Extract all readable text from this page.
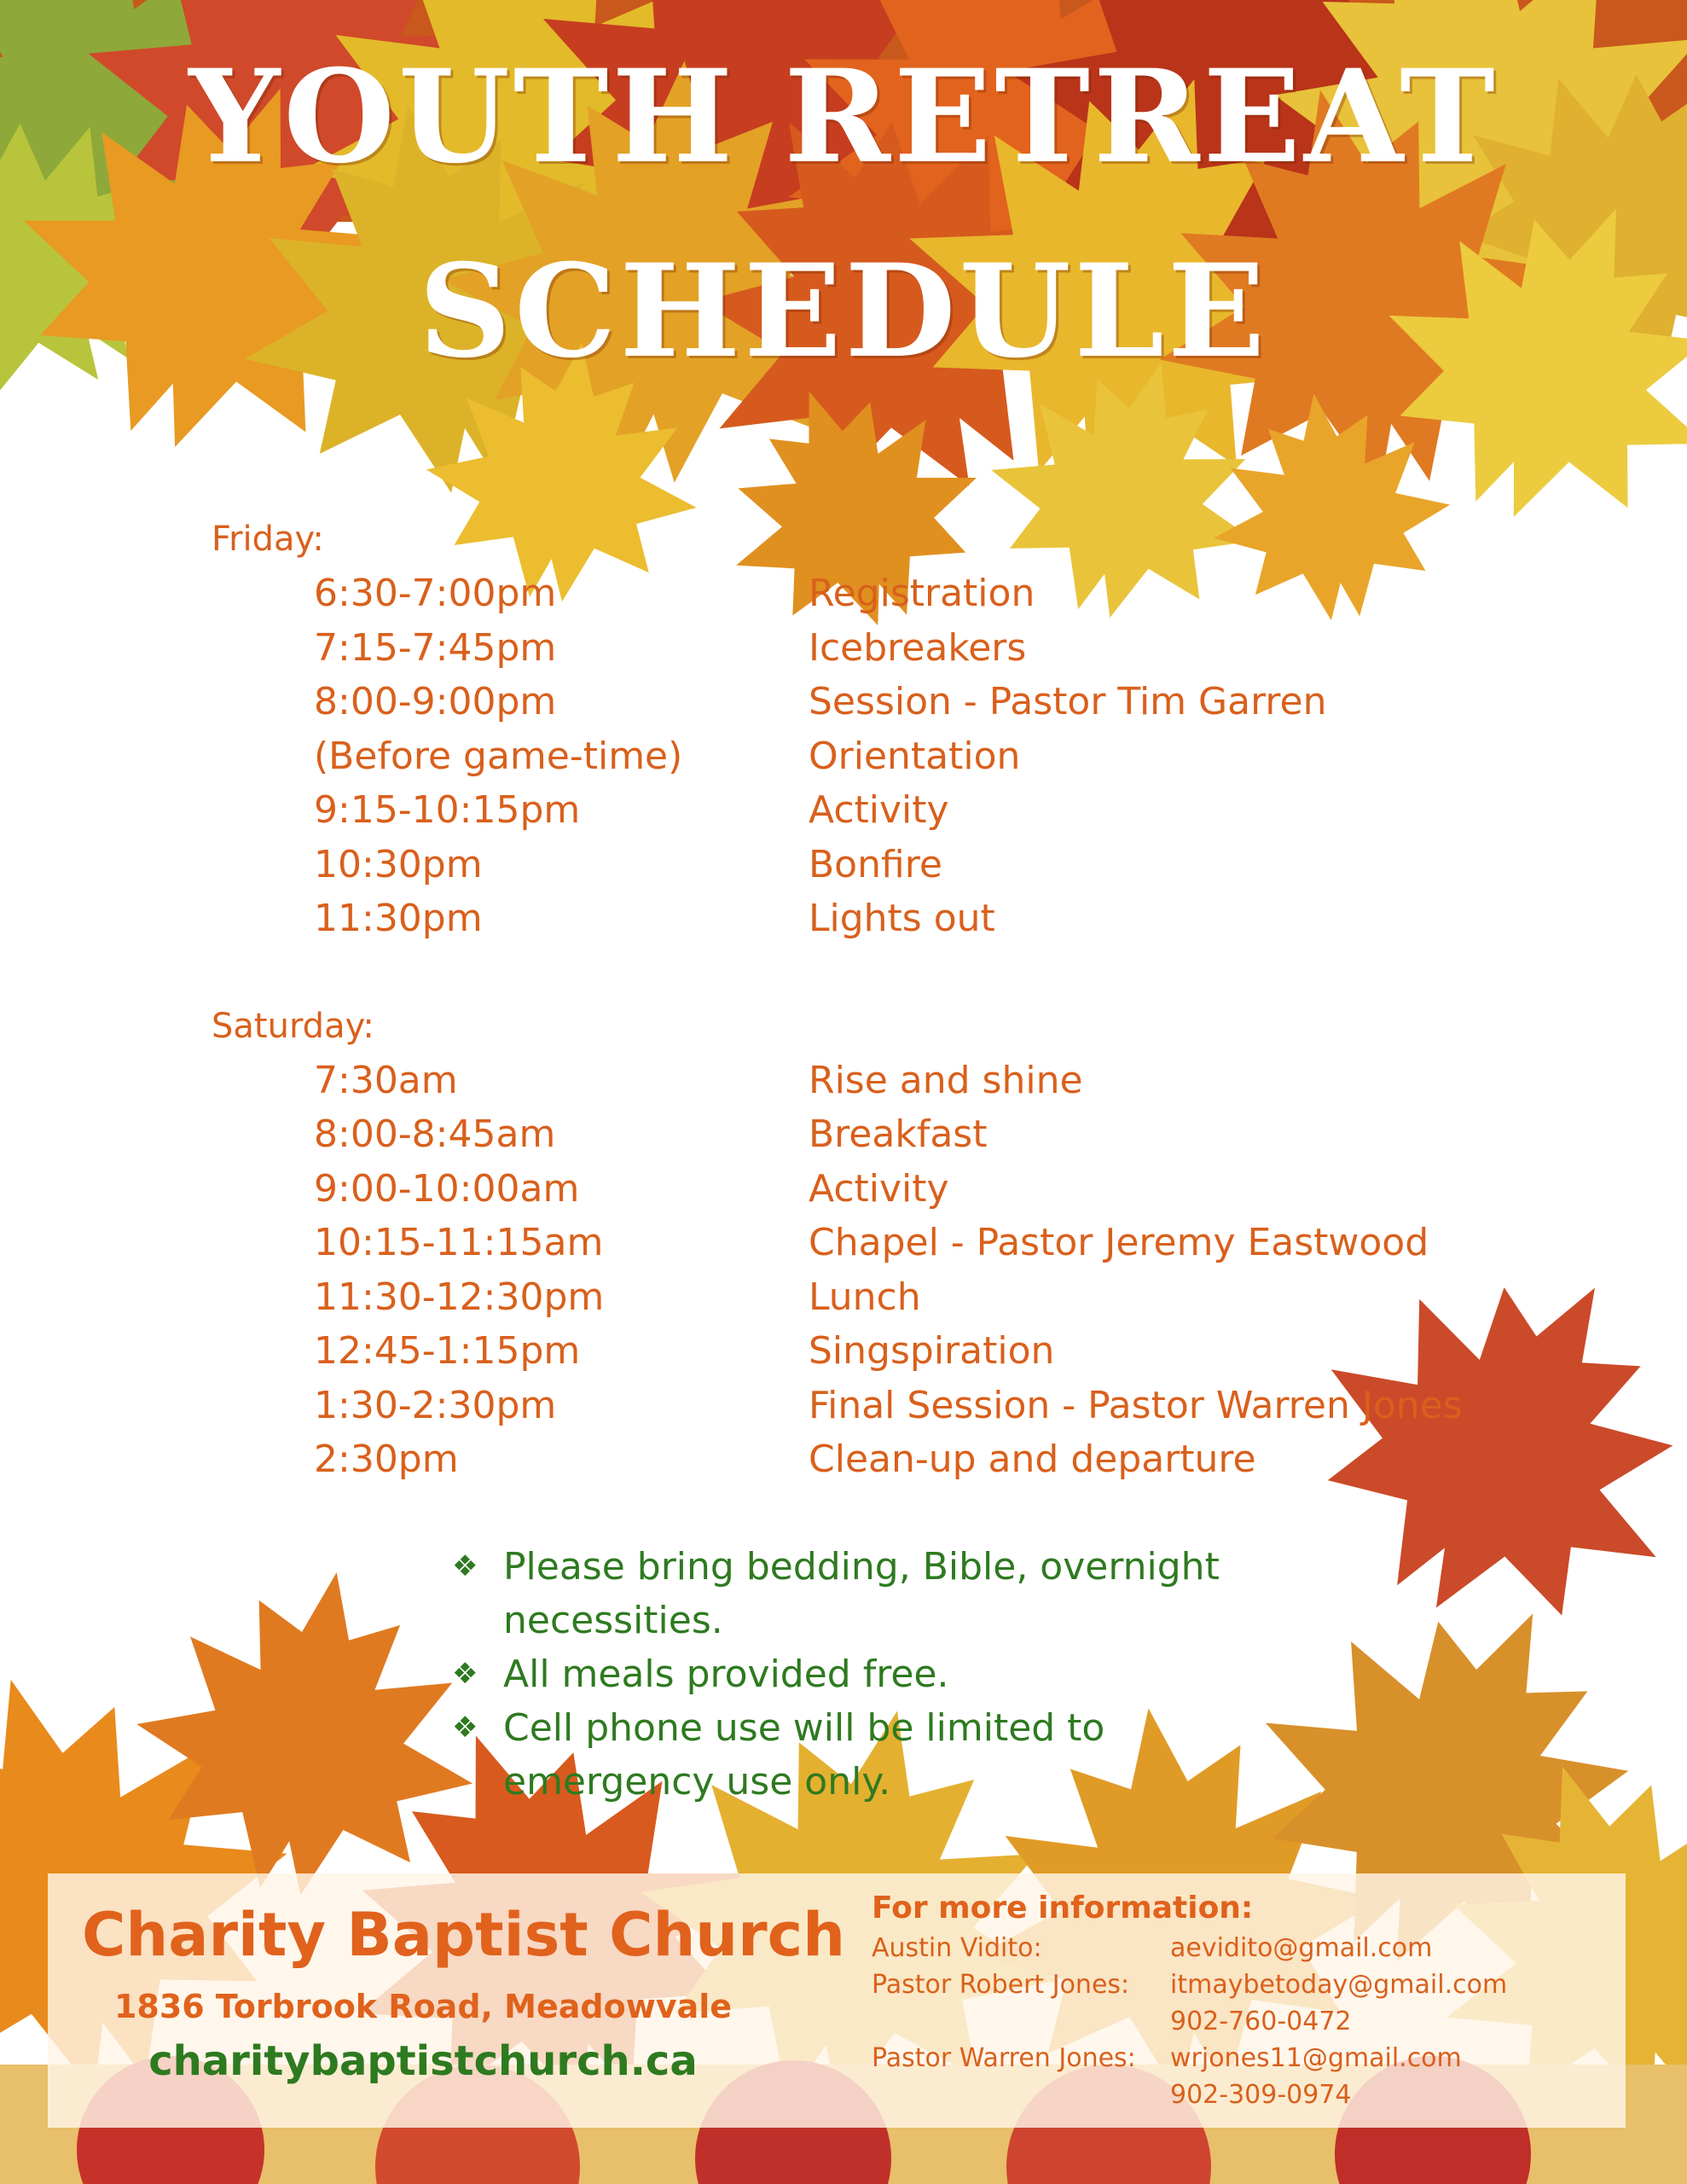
YOUTH RETREAT
SCHEDULE
Friday:
6:30-7:00pm	Registration
7:15-7:45pm	Icebreakers
8:00-9:00pm	Session - Pastor Tim Garren
(Before game-time)	Orientation
9:15-10:15pm	Activity
10:30pm	Bonfire
11:30pm	Lights out
Saturday:
7:30am	Rise and shine
8:00-8:45am	Breakfast
9:00-10:00am	Activity
10:15-11:15am	Chapel - Pastor Jeremy Eastwood
11:30-12:30pm	Lunch
12:45-1:15pm	Singspiration
1:30-2:30pm	Final Session - Pastor Warren Jones
2:30pm	Clean-up and departure
❖ Please bring bedding, Bible, overnight necessities.
❖ All meals provided free.
❖ Cell phone use will be limited to emergency use only.
Charity Baptist Church
1836 Torbrook Road, Meadowvale
charitybaptistchurch.ca
For more information:
Austin Vidito:	aevidito@gmail.com
Pastor Robert Jones:	itmaybetoday@gmail.com
902-760-0472
Pastor Warren Jones:	wrjones11@gmail.com
902-309-0974
